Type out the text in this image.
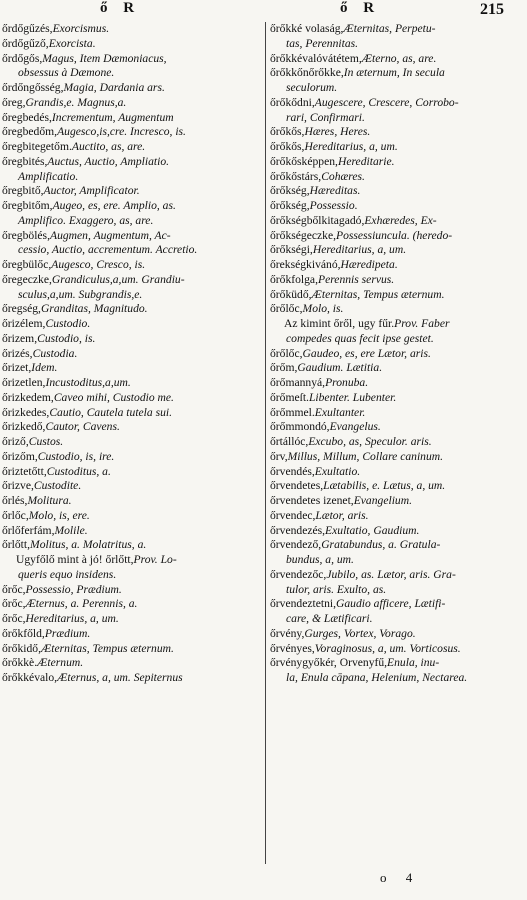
ő R	ő R	215
őrdőgűzés,Exorcismus.
őrdőgűző,Exorcista.
őrdőgős,Magus, Item Dæmoniacus,
obsessus à Dæmone.
őrdőngősség,Magia, Dardania ars.
őreg,Grandis,e. Magnus,a.
őregbedés,Incrementum, Augmentum
őregbedőm,Augesco,is,cre. Incresco, is.
őregbitegetőm.Auctito, as, are.
őregbités,Auctus, Auctio, Ampliatio.
Amplificatio.
őregbitő,Auctor, Amplificator.
őregbitőm,Augeo, es, ere. Amplio, as.
Amplifico. Exaggero, as, are.
őregbölés,Augmen, Augmentum, Ac-
cessio, Auctio, accrementum. Accretio.
őregbülőc,Augesco, Cresco, is.
őregeczke,Grandiculus,a,um. Grandiu-
sculus,a,um. Subgrandis,e.
őregség,Granditas, Magnitudo.
őrizélem,Custodio.
őrizem,Custodio, is.
őrizés,Custodia.
őrizet,Idem.
őrizetlen,Incustoditus,a,um.
őrizkedem,Caveo mihi, Custodio me.
őrizkedes,Cautio, Cautela tutela sui.
őrizkedő,Cautor, Cavens.
őriző,Custos.
őrizőm,Custodio, is, ire.
őriztetőtt,Custoditus, a.
őrizve,Custodite.
őrlés,Molitura.
őrlőc,Molo, is, ere.
őrlőferfám,Molile.
őrlőtt,Molitus, a. Molatritus, a.
Ugyfőlő mint à jó! őrlőtt,Prov. Lo-
queris equo insidens.
őrőc,Possessio, Prædium.
őrőc,Æternus, a. Perennis, a.
őrőc,Hereditarius, a, um.
őrőkfőld,Prædium.
őrőkidő,Æternitas, Tempus æternum.
őrőkkè.Æternum.
őrőkkévalo,Æternus, a, um. Sepiternus
őrőkké volaság,Æternitas, Perpetu-
tas, Perennitas.
őrőkkévalóvátétem,Æterno, as, are.
őrőkkőnőrőkke,In æternum, In secula
seculorum.
őrőkődni,Augescere, Crescere, Corrobo-
rari, Confirmari.
őrőkős,Hæres, Heres.
őrőkős,Hereditarius, a, um.
őrőkősképpen,Hereditarie.
őrőkőstárs,Cohæres.
őrőkség,Hæreditas.
őrőkség,Possessio.
őrőkségbőlkitagadó,Exhæredes, Ex-
őrőkségeczke,Possessiuncula. (heredo-
őrőkségi,Hereditarius, a, um.
őrekségkivánó,Hæredipeta.
őrőkfolga,Perennis servus.
őrőküdő,Æternitas, Tempus æternum.
őrőlőc,Molo, is.
Az kimint őről, ugy fűr.Prov. Faber
compedes quas fecit ipse gestet.
őrőlőc,Gaudeo, es, ere Lætor, aris.
őrőm,Gaudium. Lætitia.
őrőmannyá,Pronuba.
őrőmeſt.Libenter. Lubenter.
őrőmmel.Exultanter.
őrőmmondó,Evangelus.
őrtállóc,Excubo, as, Speculor. aris.
őrv,Millus, Millum, Collare caninum.
őrvendés,Exultatio.
őrvendetes,Lætabilis, e. Lætus, a, um.
őrvendetes izenet,Evangelium.
őrvendec,Lætor, aris.
őrvendezés,Exultatio, Gaudium.
őrvendező,Gratabundus, a. Gratula-
bundus, a, um.
őrvendezőc,Jubilo, as. Lætor, aris. Gra-
tulor, aris. Exulto, as.
őrvendeztetni,Gaudio afficere, Lætifi-
care, & Lætificari.
őrvény,Gurges, Vortex, Vorago.
őrvényes,Voraginosus, a, um. Vorticosus.
őrvénygyőkér, Orvenyfű,Enula, inu-
la, Enula cāpana, Helenium, Nectarea.
o 4
